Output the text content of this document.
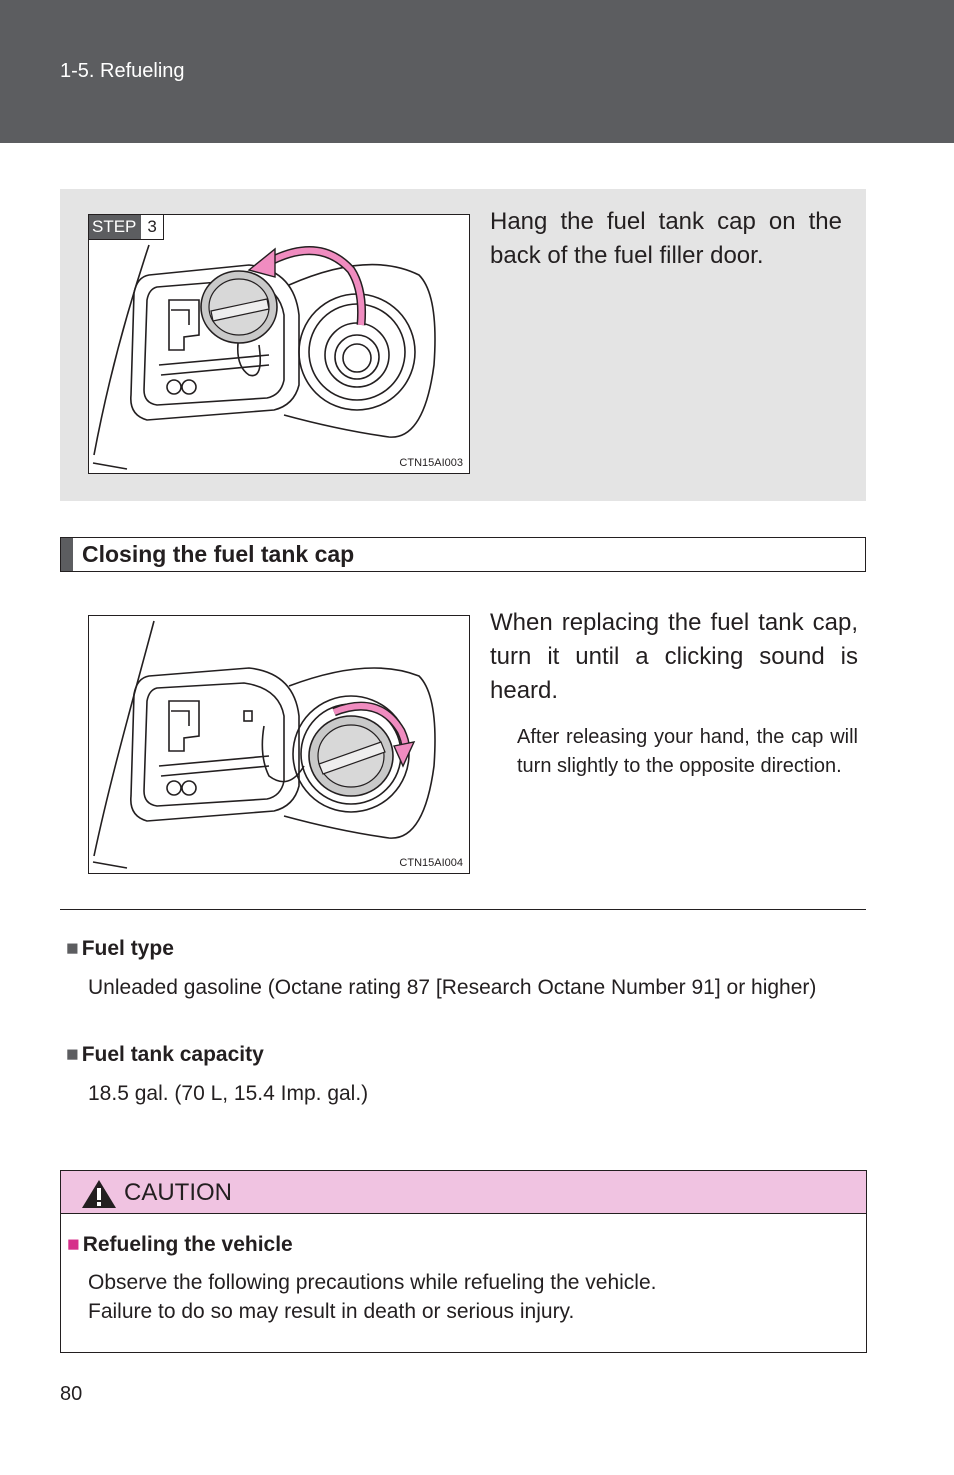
1-5. Refueling
STEP 3
CTN15AI003
Hang the fuel tank cap on the back of the fuel filler door.
Closing the fuel tank cap
CTN15AI004
When replacing the fuel tank cap, turn it until a clicking sound is heard.
After releasing your hand, the cap will turn slightly to the opposite direction.
■ Fuel type
Unleaded gasoline (Octane rating 87 [Research Octane Number 91] or higher)
■ Fuel tank capacity
18.5 gal. (70 L, 15.4 Imp. gal.)
CAUTION
■ Refueling the vehicle
Observe the following precautions while refueling the vehicle.
Failure to do so may result in death or serious injury.
80
